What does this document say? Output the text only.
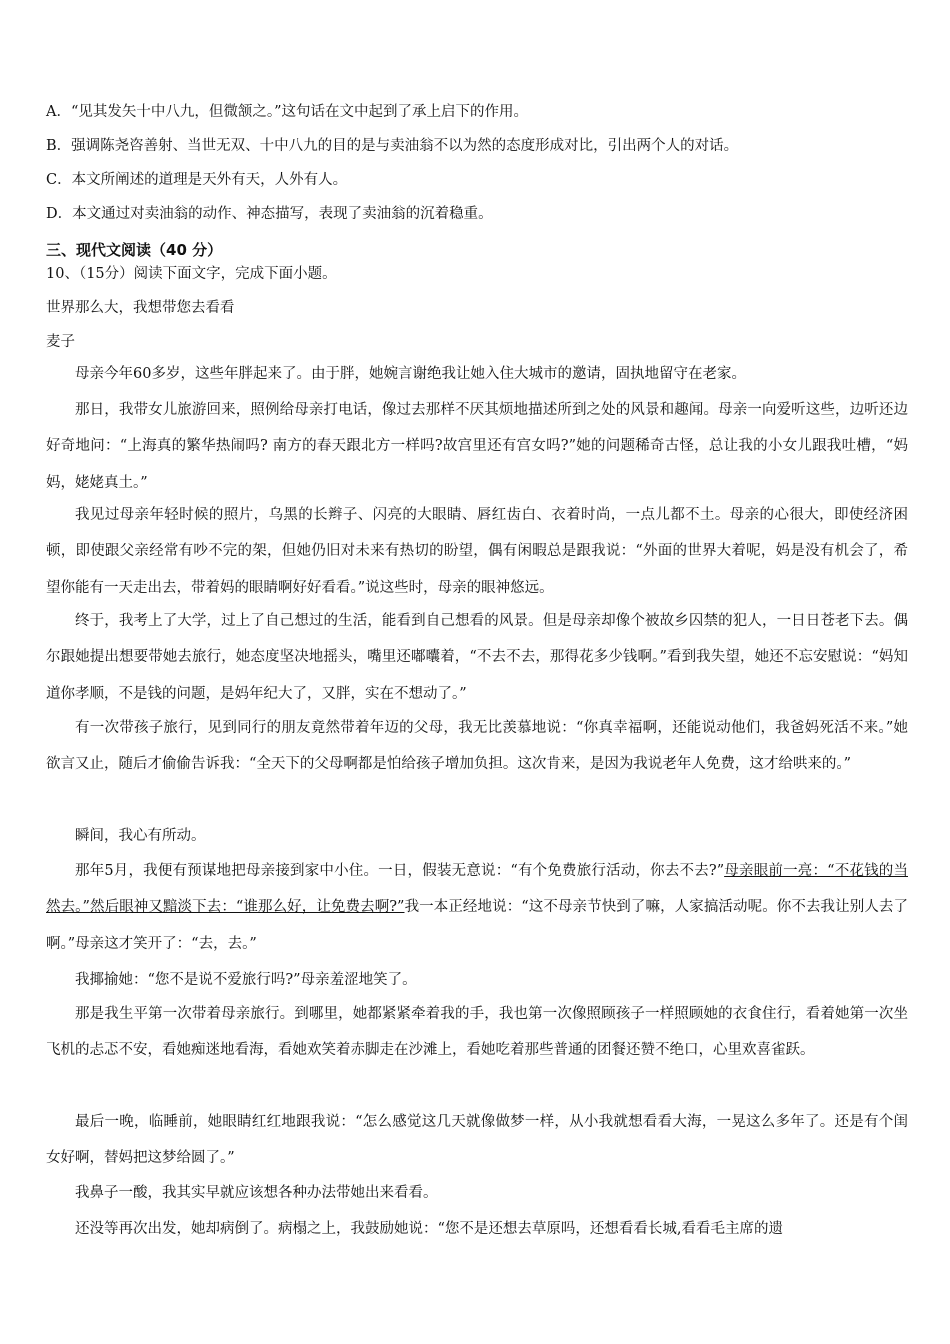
A．“见其发矢十中八九，但微颔之。”这句话在文中起到了承上启下的作用。
B．强调陈尧咨善射、当世无双、十中八九的目的是与卖油翁不以为然的态度形成对比，引出两个人的对话。
C．本文所阐述的道理是天外有天，人外有人。
D．本文通过对卖油翁的动作、神态描写，表现了卖油翁的沉着稳重。
三、现代文阅读（40 分）
10、（15分）阅读下面文字，完成下面小题。
世界那么大，我想带您去看看
麦子

母亲今年60多岁，这些年胖起来了。由于胖，她婉言谢绝我让她入住大城市的邀请，固执地留守在老家。

那日，我带女儿旅游回来，照例给母亲打电话，像过去那样不厌其烦地描述所到之处的风景和趣闻。母亲一向爱听这些，边听还边好奇地问：“上海真的繁华热闹吗? 南方的春天跟北方一样吗?故宫里还有宫女吗?”她的问题稀奇古怪，总让我的小女儿跟我吐槽，“妈妈，姥姥真土。”

我见过母亲年轻时候的照片，乌黑的长辫子、闪亮的大眼睛、唇红齿白、衣着时尚，一点儿都不土。母亲的心很大，即使经济困顿，即使跟父亲经常有吵不完的架，但她仍旧对未来有热切的盼望，偶有闲暇总是跟我说：“外面的世界大着呢，妈是没有机会了，希望你能有一天走出去，带着妈的眼睛啊好好看看。”说这些时，母亲的眼神悠远。

终于，我考上了大学，过上了自己想过的生活，能看到自己想看的风景。但是母亲却像个被故乡囚禁的犯人，一日日苍老下去。偶尔跟她提出想要带她去旅行，她态度坚决地摇头，嘴里还嘟囔着，“不去不去，那得花多少钱啊。”看到我失望，她还不忘安慰说：“妈知道你孝顺，不是钱的问题，是妈年纪大了，又胖，实在不想动了。”

有一次带孩子旅行，见到同行的朋友竟然带着年迈的父母，我无比羡慕地说：“你真幸福啊，还能说动他们，我爸妈死活不来。”她欲言又止，随后才偷偷告诉我：“全天下的父母啊都是怕给孩子增加负担。这次肯来，是因为我说老年人免费，这才给哄来的。”

瞬间，我心有所动。

那年5月，我便有预谋地把母亲接到家中小住。一日，假装无意说：“有个免费旅行活动，你去不去?”母亲眼前一亮：“不花钱的当然去。”然后眼神又黯淡下去：“谁那么好，让免费去啊?”我一本正经地说：“这不母亲节快到了嘛，人家搞活动呢。你不去我让别人去了啊。”母亲这才笑开了：“去，去。”

我揶揄她：“您不是说不爱旅行吗?”母亲羞涩地笑了。

那是我生平第一次带着母亲旅行。到哪里，她都紧紧牵着我的手，我也第一次像照顾孩子一样照顾她的衣食住行，看着她第一次坐飞机的忐忑不安，看她痴迷地看海，看她欢笑着赤脚走在沙滩上，看她吃着那些普通的团餐还赞不绝口，心里欢喜雀跃。

最后一晚，临睡前，她眼睛红红地跟我说：“怎么感觉这几天就像做梦一样，从小我就想看看大海，一晃这么多年了。还是有个闺女好啊，替妈把这梦给圆了。”

我鼻子一酸，我其实早就应该想各种办法带她出来看看。

还没等再次出发，她却病倒了。病榻之上，我鼓励她说：“您不是还想去草原吗，还想看看长城,看看毛主席的遗
